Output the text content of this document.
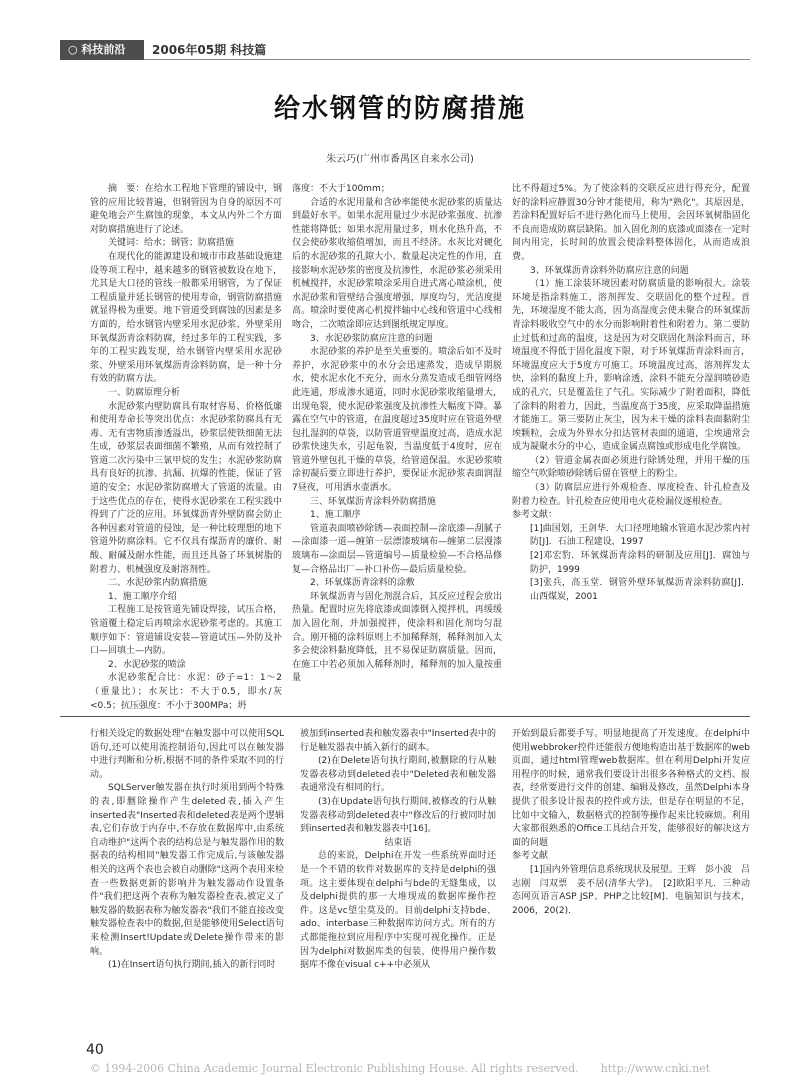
○ 科技前沿	2006年05期 科技篇
给水钢管的防腐措施
朱云巧(广州市番禺区自来水公司)

摘　要：在给水工程地下管理的铺设中，钢管的应用比较普遍，但钢管因为自身的原因不可避免地会产生腐蚀的现象，本文从内外二个方面对防腐措施进行了论述。

关键词：给水；钢管；防腐措施

在现代化的能源建设和城市市政基础设施建设等项工程中，越来越多的钢管被数设在地下，尤其是大口径的管线一般都采用钢管，为了保证工程质量并延长钢管的使用寿命，钢管防腐措施就显得极为重要。地下管道受到腐蚀的因素是多方面的，给水钢管内壁采用水泥砂浆、外壁采用环氧煤沥青涂料防腐，经过多年的工程实践，多年的工程实践发现，给水钢管内壁采用水泥砂浆、外壁采用环氧煤沥青涂料防腐，是一种十分有效的防腐方法。

一、防腐原理分析

水泥砂浆内壁防腐具有取材容易、价格低廉和使用寿命长等突出优点：水泥砂浆防腐具有无毒、无有害物质渗透溢出，砂浆层使铁细菌无法生成，砂浆层表面细菌不繁殖，从而有效控制了管道二次污染中三氯甲烷的发生；水泥砂浆防腐具有良好的抗渗、抗漏、抗爆的性能，保证了管道的安全；水泥砂浆防腐增大了管道的流量。由于这些优点的存在，使得水泥砂浆在工程实践中得到了广泛的应用。环氧煤沥青外壁防腐会防止各种因素对管道的侵蚀，是一种比较理想的地下管道外防腐涂料。它不仅具有煤沥青的廉价、耐酸、耐碱及耐水性能，而且还具备了环氧树脂的附着力、机械强度及耐溶剂性。

二、水泥砂浆内防腐措施

1、施工顺序介绍

工程施工是按管道先铺设焊接，试压合格，管道覆土稳定后再喷涂水泥砂浆考虑的。其施工顺序如下：管道铺设安装—管道试压—外防及补口—回填土—内防。

2、水泥砂浆的喷涂

水泥砂浆配合比：水泥：砂子=1：1～2（重量比）；水灰比：不大于0.5，即水/灰<0.5；抗压强度：不小于300MPa；坍

落度：不大于100mm；

合适的水泥用量和含砂率能使水泥砂浆的质量达到最好水平。如果水泥用量过少水泥砂浆强度、抗渗性能将降低；如果水泥用量过多，则水化热升高，不仅会使砂浆收缩值增加，而且不经济。水灰比对硬化后的水泥砂浆的孔隙大小、数量起决定性的作用，直接影响水泥砂浆的密度及抗渗性，水泥砂浆必须采用机械搅拌，水泥砂浆喷涂采用自进式离心喷涂机，使水泥砂浆和管壁结合强度增强，厚度均匀，光洁度提高。喷涂时要使离心机搅拌轴中心线和管道中心线相吻合，二次喷涂即应达到图纸规定厚度。

3、水泥砂浆防腐应注意的问题

水泥砂浆的养护是至关重要的。喷涂后如不及时养护，水泥砂浆中的水分会迅速蒸发，造成早期脱水，使水泥水化不充分，而水分蒸发造成毛细管网络此连通，形成渗水通道，同时水泥砂浆收缩量增大，出现龟裂，使水泥砂浆强度及抗渗性大幅度下降。暴露在空气中的管道，在温度超过35度时应在管道外壁包扎湿润的草袋，以防管道管壁温度过高，造成水泥砂浆快速失水，引起龟裂，当温度低于4度时，应在管道外壁包扎干燥的草袋，给管道保温。水泥砂浆喷涂初凝后要立即进行养护，要保证水泥砂浆表面润湿7昼夜，可用洒水壶洒水。

三、环氧煤沥青涂料外防腐措施

1、施工顺序

管道表面喷砂除锈—表面控制—涂底漆—刮腻子—涂面漆一道—缠第一层漂漆玻璃布—缠第二层漫漆玻璃布—涂面层—管道编号—质量检验—不合格品修复—合格品出厂—补口补伤—最后质量检验。

2、环氧煤沥青涂料的涂敷

环氧煤沥青与固化剂混合后，其反应过程会放出热量。配置时应先将底漆或面漆倒入搅拌机，再缓缓加入固化剂，并加强搅拌，使涂料和固化剂均匀混合。刚开桶的涂料原则上不加稀释剂，稀释剂加入太多会使涂料黏度降低，且不易保证防腐质量。因而，在施工中若必须加入稀释剂时，稀释剂的加入量按重量

比不得超过5%。为了使涂料的交联反应进行得充分，配置好的涂料应静置30分钟才能使用，称为"熟化"。其原因是，若涂料配置好后不进行熟化而马上使用，会因环氧树脂固化不良而造成防腐层缺陷。加入固化剂的底漆或面漆在一定时间内用完，长时间的放置会使涂料整体固化，从而造成浪费。

3、环氧煤沥青涂料外防腐应注意的问题

（1）施工涂装环境因素对防腐质量的影响很大。涂装环境是指涂料施工、溶剂挥发、交联固化的整个过程。首先，环境湿度不能太高，因为高湿度会使未聚合的环氧煤沥青涂料吸收空气中的水分而影响附着性和附着力。第二要防止过低和过高的温度，这是因为对交联固化剂涂料而言，环境温度不得低于固化温度下限，对于环氧煤沥青涂料而言，环境温度应大于5度方可施工。环境温度过高，溶剂挥发太快，涂料的黏度上升，影响涂透，涂料不能充分湿润喷砂造成的孔穴，只是覆盖住了气孔。实际减少了附着面积，降低了涂料的附着力，因此，当温度高于35度，应采取降温措施才能施工。第三要防止灰尘，因为未干燥的涂料表面黏附尘埃颗粒，会成为外界水分扣达管材表面的通道，尘埃通常会成为凝聚水分的中心，造成金属点腐蚀或形成电化学腐蚀。

（2）管道金属表面必须进行除锈处理，并用干燥的压缩空气吹除喷砂除锈后留在管壁上的粉尘。

（3）防腐层应进行外观检查、厚度检查、针孔检查及附着力检查。针孔检查应使用电火花检漏仪逐根检查。

参考文献：

[1]曲国划，王剑华．大口径埋地输水管道水泥沙浆内衬防[J]．石油工程建设，1997

[2]邓宏豹．环氧煤沥青涂料的研制及应用[J]．腐蚀与防护，1999

[3]张兵，高玉堂．钢管外壁环氧煤沥青涂料防腐[J]．山西煤炭，2001

行相关设定的数据处理"在触发器中可以使用SQL语句,还可以使用流控制语句,因此可以在触发器中进行判断和分析,根据不同的条件采取不同的行动。

SQLServer触发器在执行时须用到两个特殊的表,即删除操作产生deleted表,插入产生inserted表"Inserted表和deleted表是两个逻辑表,它们存放于内存中,不存放在数据库中,由系统自动维护"这两个表的结构总是与触发器作用的数据表的结构相同"触发器工作完成后,与该触发器相关的这两个表也会被自动删除"这两个表用来检查一些数据更新的影响并为触发器动作设置条件"我们把这两个表称为触发器检查表,被定义了触发器的数据表称为触发器表"我们不能直接改变触发器检查表中的数据,但是能够使用Select语句来检测Insert!Update或Delete操作带来的影响。

(1)在Insert语句执行期间,插入的新行同时

被加到inserted表和触发器表中"Inserted表中的行是触发器表中插入新行的副本。

(2)在Delete语句执行期间,被删除的行从触发器表移动到deleted表中"Deleted表和触发器表通常没有相同的行。

(3)在Update语句执行期间,被修改的行从触发器表移动到deleted表中"修改后的行被同时加到inserted表和触发器表中[16]。

结束语

总的来说，Delphi在开发一些系统界面时还是一个不错的软件对数据库的支持是delphi的强项。这主要体现在delphi与bde的无缝集成，以及delphi提供的那一大堆现成的数据库操作控件。这是vc望尘莫及的。目前delphi支持bde、ado、interbase三种数据库访问方式。所有的方式都能拖拉到应用程序中实现可视化操作。正是因为delphi对数据库类的包装，使得用户操作数据库不像在visual c++中必须从

开始到最后都要手写。明显地提高了开发速度。在delphi中使用webbroker控件还能很方便地构造出基于数据库的web页面，通过html管理web数据库。但在利用Delphi开发应用程序的时候，通常我们要设计出很多各种格式的文档、报表，经常要进行文件的创建、编辑及修改，虽然Delphi本身提供了很多设计报表的控件或方法，但是存在明显的不足，比如中文输入，数据格式的控制等操作起来比较麻烦。利用大家都很熟悉的Office工具结合开发，能够很好的解决这方面的问题

参考文献

[1]国内外管理信息系统现状及展望。王辉　彭小波　吕志刚　闫双票　姜不居(清华大学)。　[2]欧阳平凡．三种动态网页语言ASP JSP、PHP之比较[M]．电脑知识与技术，2006，20(2)．

40
© 1994-2006 China Academic Journal Electronic Publishing House. All rights reserved.　　http://www.cnki.net
